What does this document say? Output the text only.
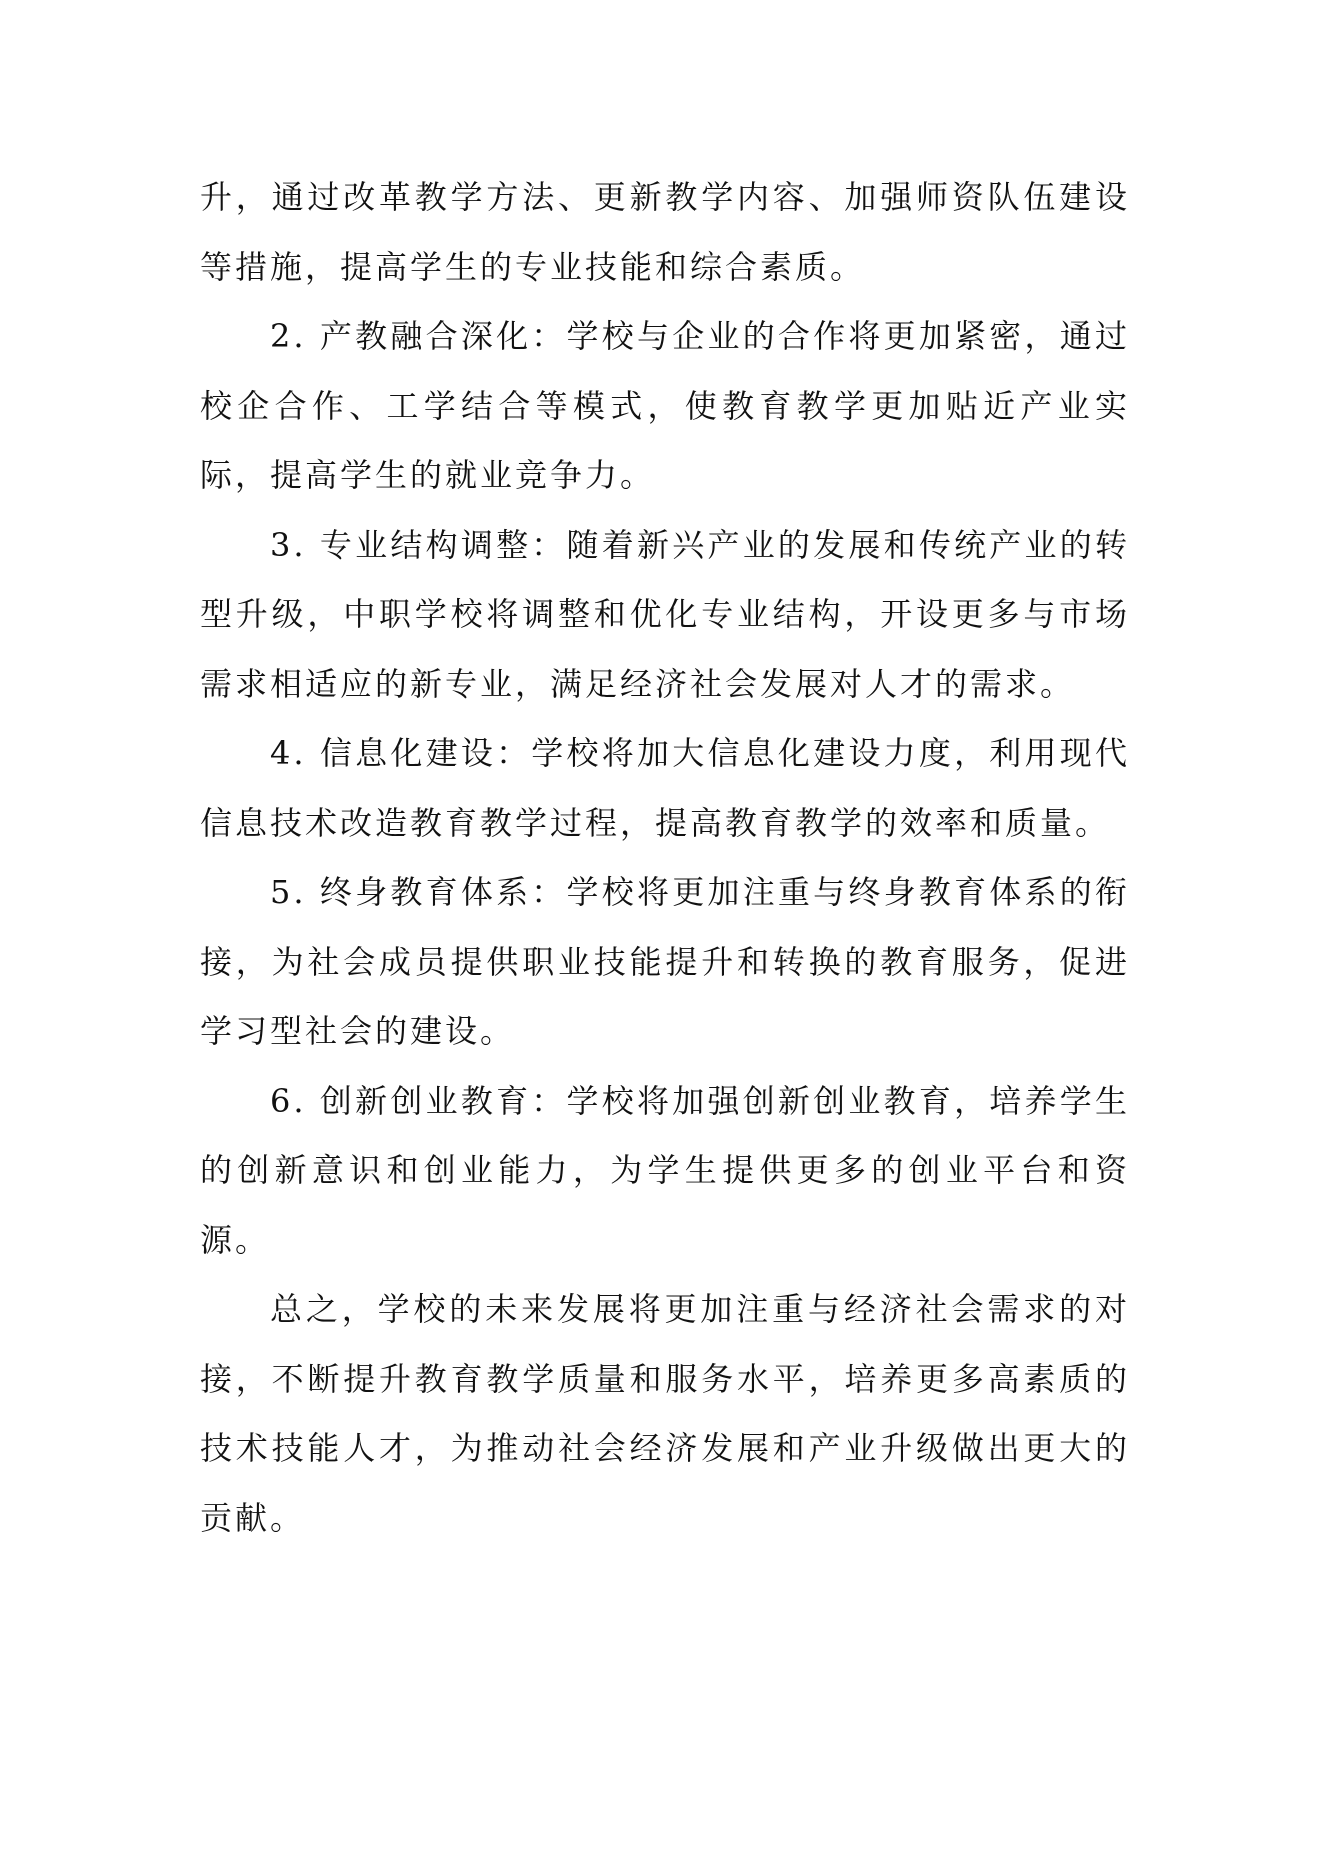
升，通过改革教学方法、更新教学内容、加强师资队伍建设等措施，提高学生的专业技能和综合素质。

2. 产教融合深化：学校与企业的合作将更加紧密，通过校企合作、工学结合等模式，使教育教学更加贴近产业实际，提高学生的就业竞争力。

3. 专业结构调整：随着新兴产业的发展和传统产业的转型升级，中职学校将调整和优化专业结构，开设更多与市场需求相适应的新专业，满足经济社会发展对人才的需求。

4. 信息化建设：学校将加大信息化建设力度，利用现代信息技术改造教育教学过程，提高教育教学的效率和质量。

5. 终身教育体系：学校将更加注重与终身教育体系的衔接，为社会成员提供职业技能提升和转换的教育服务，促进学习型社会的建设。

6. 创新创业教育：学校将加强创新创业教育，培养学生的创新意识和创业能力，为学生提供更多的创业平台和资源。

总之，学校的未来发展将更加注重与经济社会需求的对接，不断提升教育教学质量和服务水平，培养更多高素质的技术技能人才，为推动社会经济发展和产业升级做出更大的贡献。
